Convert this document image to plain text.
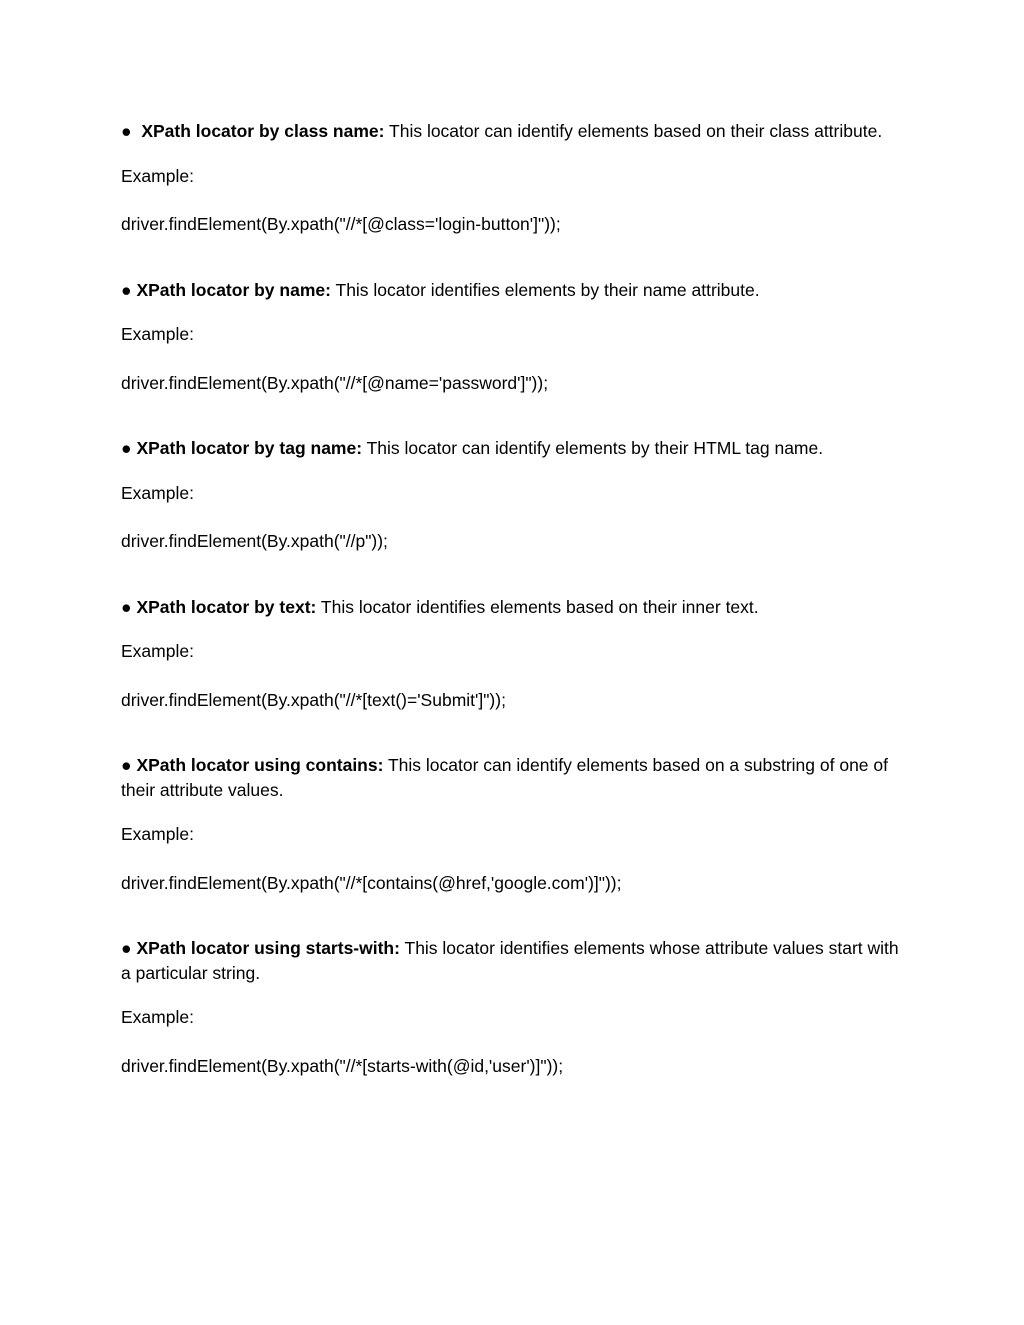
● XPath locator by class name: This locator can identify elements based on their class attribute.

Example:

driver.findElement(By.xpath("//*[@class='login-button']"));

● XPath locator by name: This locator identifies elements by their name attribute.

Example:

driver.findElement(By.xpath("//*[@name='password']"));

● XPath locator by tag name: This locator can identify elements by their HTML tag name.

Example:

driver.findElement(By.xpath("//p"));

● XPath locator by text: This locator identifies elements based on their inner text.

Example:

driver.findElement(By.xpath("//*[text()='Submit']"));

● XPath locator using contains: This locator can identify elements based on a substring of one of their attribute values.

Example:

driver.findElement(By.xpath("//*[contains(@href,'google.com')]"));

● XPath locator using starts-with: This locator identifies elements whose attribute values start with a particular string.

Example:

driver.findElement(By.xpath("//*[starts-with(@id,'user')]"));
